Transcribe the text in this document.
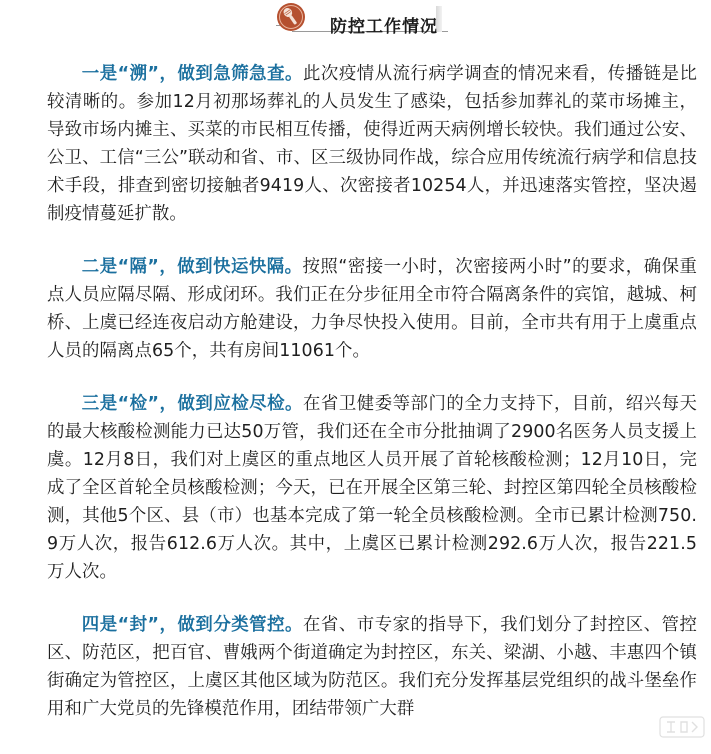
防控工作情况

一是“溯”，做到急筛急查。此次疫情从流行病学调查的情况来看，传播链是比较清晰的。参加12月初那场葬礼的人员发生了感染，包括参加葬礼的菜市场摊主，导致市场内摊主、买菜的市民相互传播，使得近两天病例增长较快。我们通过公安、公卫、工信“三公”联动和省、市、区三级协同作战，综合应用传统流行病学和信息技术手段，排查到密切接触者9419人、次密接者10254人，并迅速落实管控，坚决遏制疫情蔓延扩散。

二是“隔”，做到快运快隔。按照“密接一小时，次密接两小时”的要求，确保重点人员应隔尽隔、形成闭环。我们正在分步征用全市符合隔离条件的宾馆，越城、柯桥、上虞已经连夜启动方舱建设，力争尽快投入使用。目前，全市共有用于上虞重点人员的隔离点65个，共有房间11061个。

三是“检”，做到应检尽检。在省卫健委等部门的全力支持下，目前，绍兴每天的最大核酸检测能力已达50万管，我们还在全市分批抽调了2900名医务人员支援上虞。12月8日，我们对上虞区的重点地区人员开展了首轮核酸检测；12月10日，完成了全区首轮全员核酸检测；今天，已在开展全区第三轮、封控区第四轮全员核酸检测，其他5个区、县（市）也基本完成了第一轮全员核酸检测。全市已累计检测750.9万人次，报告612.6万人次。其中，上虞区已累计检测292.6万人次，报告221.5万人次。

四是“封”，做到分类管控。在省、市专家的指导下，我们划分了封控区、管控区、防范区，把百官、曹娥两个街道确定为封控区，东关、梁湖、小越、丰惠四个镇街确定为管控区，上虞区其他区域为防范区。我们充分发挥基层党组织的战斗堡垒作用和广大党员的先锋模范作用，团结带领广大群
